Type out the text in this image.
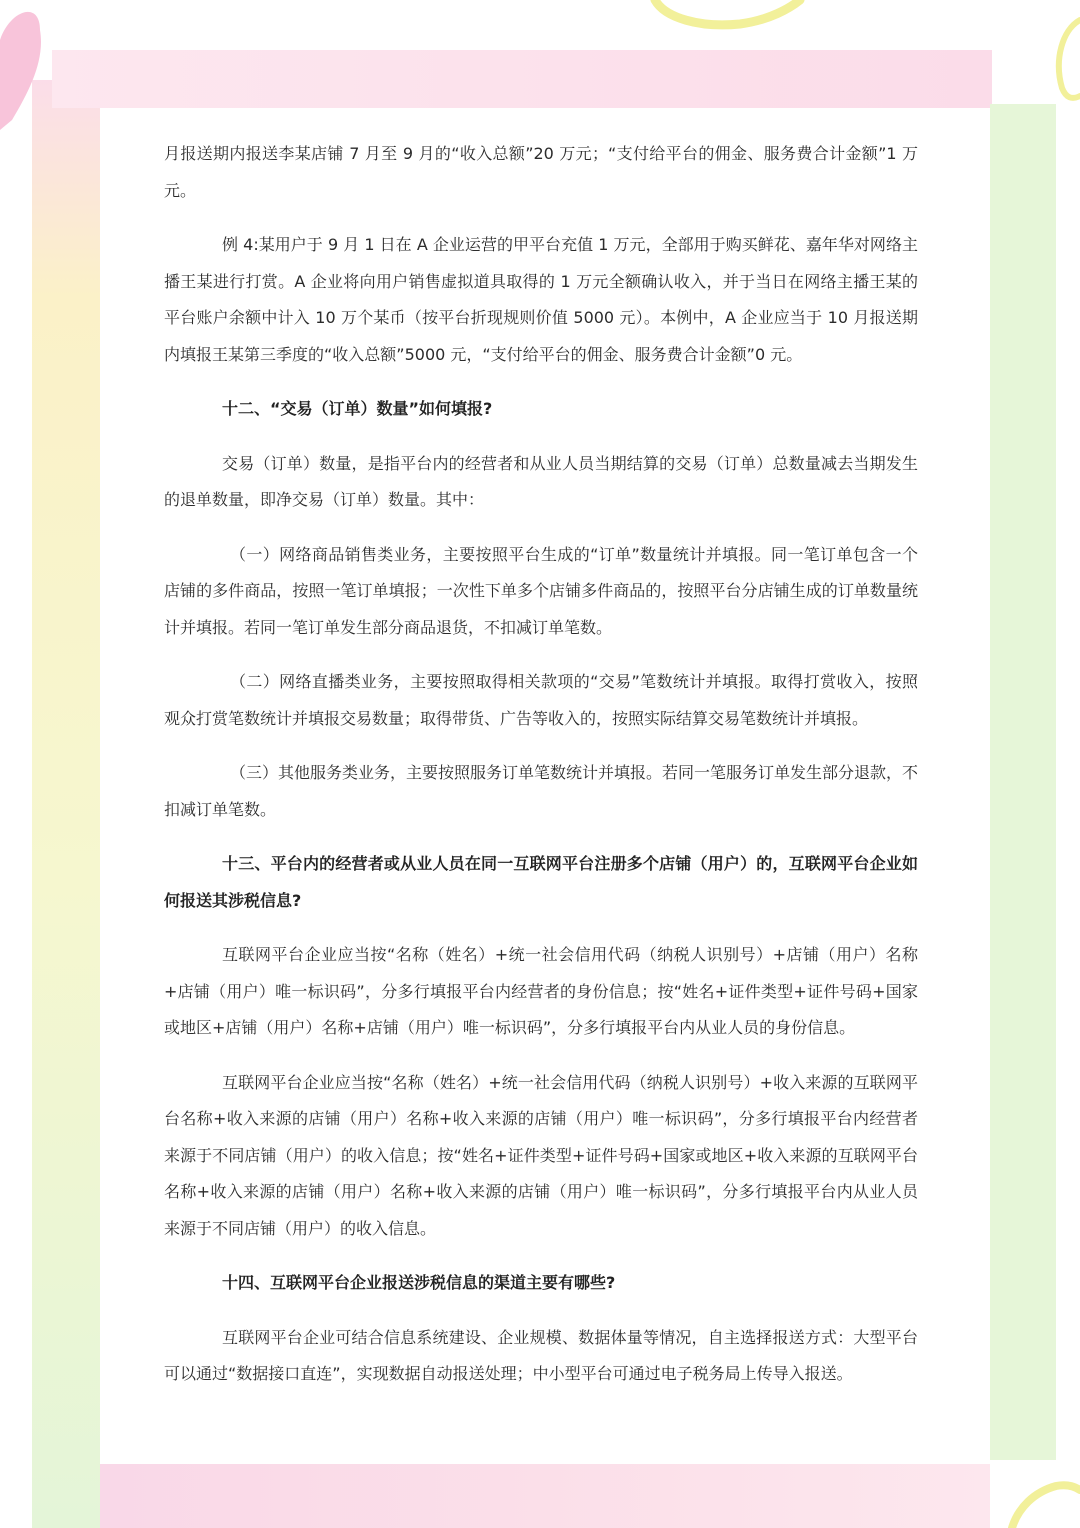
月报送期内报送李某店铺 7 月至 9 月的“收入总额”20 万元；“支付给平台的佣金、服务费合计金额”1 万元。

例 4:某用户于 9 月 1 日在 A 企业运营的甲平台充值 1 万元，全部用于购买鲜花、嘉年华对网络主播王某进行打赏。A 企业将向用户销售虚拟道具取得的 1 万元全额确认收入，并于当日在网络主播王某的平台账户余额中计入 10 万个某币（按平台折现规则价值 5000 元）。本例中，A 企业应当于 10 月报送期内填报王某第三季度的“收入总额”5000 元，“支付给平台的佣金、服务费合计金额”0 元。

十二、“交易（订单）数量”如何填报?

交易（订单）数量，是指平台内的经营者和从业人员当期结算的交易（订单）总数量减去当期发生的退单数量，即净交易（订单）数量。其中：

（一）网络商品销售类业务，主要按照平台生成的“订单”数量统计并填报。同一笔订单包含一个店铺的多件商品，按照一笔订单填报；一次性下单多个店铺多件商品的，按照平台分店铺生成的订单数量统计并填报。若同一笔订单发生部分商品退货，不扣减订单笔数。

（二）网络直播类业务，主要按照取得相关款项的“交易”笔数统计并填报。取得打赏收入，按照观众打赏笔数统计并填报交易数量；取得带货、广告等收入的，按照实际结算交易笔数统计并填报。

（三）其他服务类业务，主要按照服务订单笔数统计并填报。若同一笔服务订单发生部分退款，不扣减订单笔数。

十三、平台内的经营者或从业人员在同一互联网平台注册多个店铺（用户）的，互联网平台企业如何报送其涉税信息?

互联网平台企业应当按“名称（姓名）+统一社会信用代码（纳税人识别号）+店铺（用户）名称+店铺（用户）唯一标识码”，分多行填报平台内经营者的身份信息；按“姓名+证件类型+证件号码+国家或地区+店铺（用户）名称+店铺（用户）唯一标识码”，分多行填报平台内从业人员的身份信息。

互联网平台企业应当按“名称（姓名）+统一社会信用代码（纳税人识别号）+收入来源的互联网平台名称+收入来源的店铺（用户）名称+收入来源的店铺（用户）唯一标识码”，分多行填报平台内经营者来源于不同店铺（用户）的收入信息；按“姓名+证件类型+证件号码+国家或地区+收入来源的互联网平台名称+收入来源的店铺（用户）名称+收入来源的店铺（用户）唯一标识码”，分多行填报平台内从业人员来源于不同店铺（用户）的收入信息。

十四、互联网平台企业报送涉税信息的渠道主要有哪些?

互联网平台企业可结合信息系统建设、企业规模、数据体量等情况，自主选择报送方式：大型平台可以通过“数据接口直连”，实现数据自动报送处理；中小型平台可通过电子税务局上传导入报送。
